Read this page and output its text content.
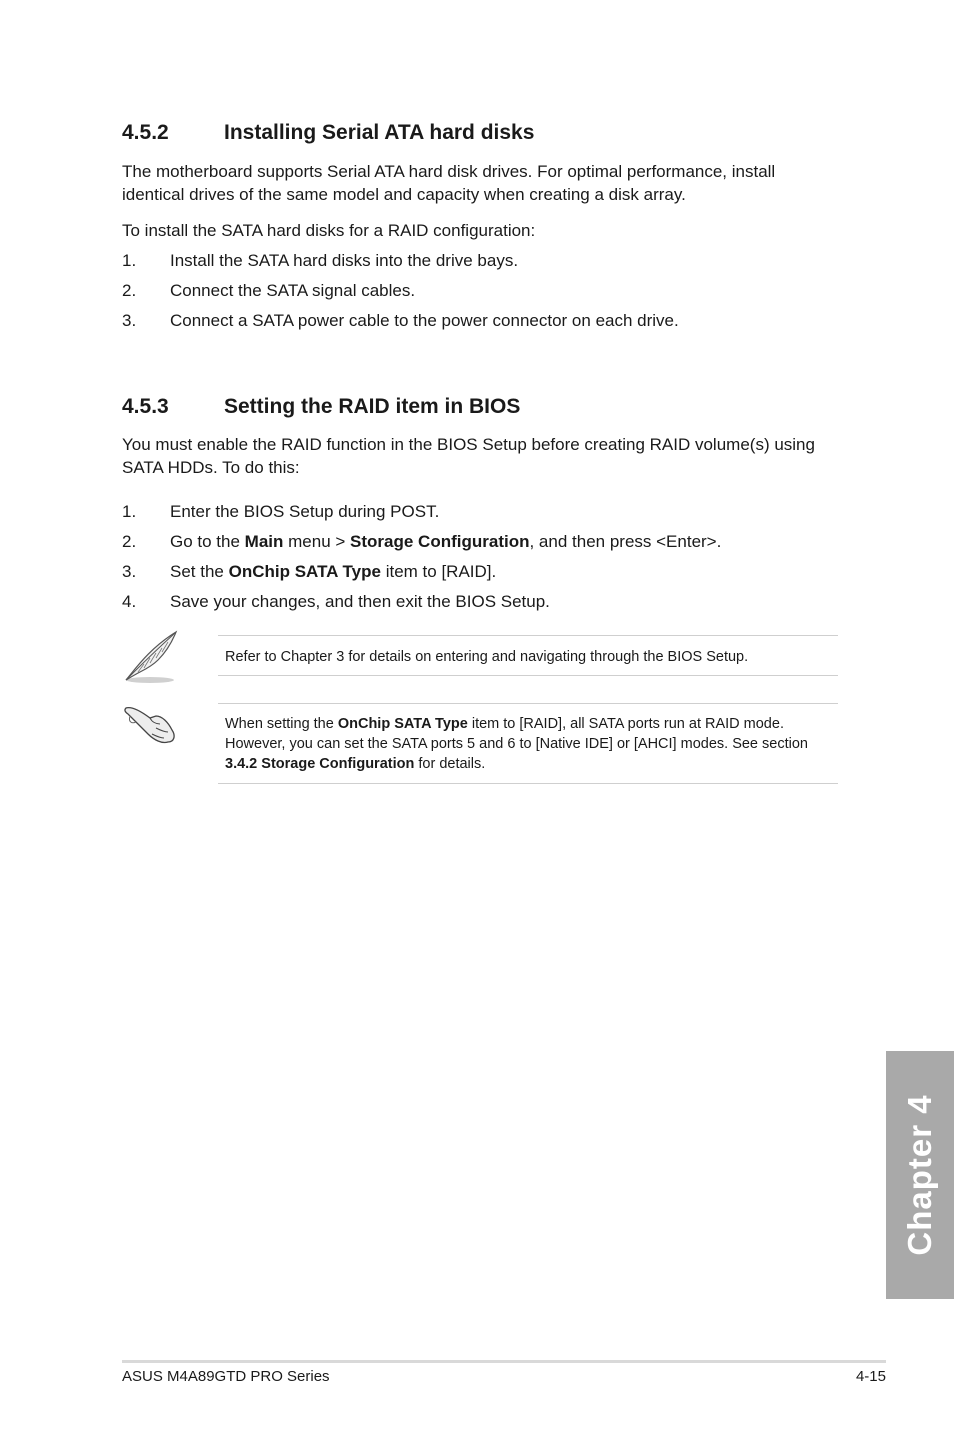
4.5.2	Installing Serial ATA hard disks

The motherboard supports Serial ATA hard disk drives. For optimal performance, install identical drives of the same model and capacity when creating a disk array.

To install the SATA hard disks for a RAID configuration:

1. Install the SATA hard disks into the drive bays.
2. Connect the SATA signal cables.
3. Connect a SATA power cable to the power connector on each drive.
4.5.3	Setting the RAID item in BIOS

You must enable the RAID function in the BIOS Setup before creating RAID volume(s) using SATA HDDs. To do this:

1. Enter the BIOS Setup during POST.
2. Go to the Main menu > Storage Configuration, and then press <Enter>.
3. Set the OnChip SATA Type item to [RAID].
4. Save your changes, and then exit the BIOS Setup.
Refer to Chapter 3 for details on entering and navigating through the BIOS Setup.
When setting the OnChip SATA Type item to [RAID], all SATA ports run at RAID mode. However, you can set the SATA ports 5 and 6 to [Native IDE] or [AHCI] modes. See section 3.4.2 Storage Configuration for details.
Chapter 4
ASUS M4A89GTD PRO Series	4-15
